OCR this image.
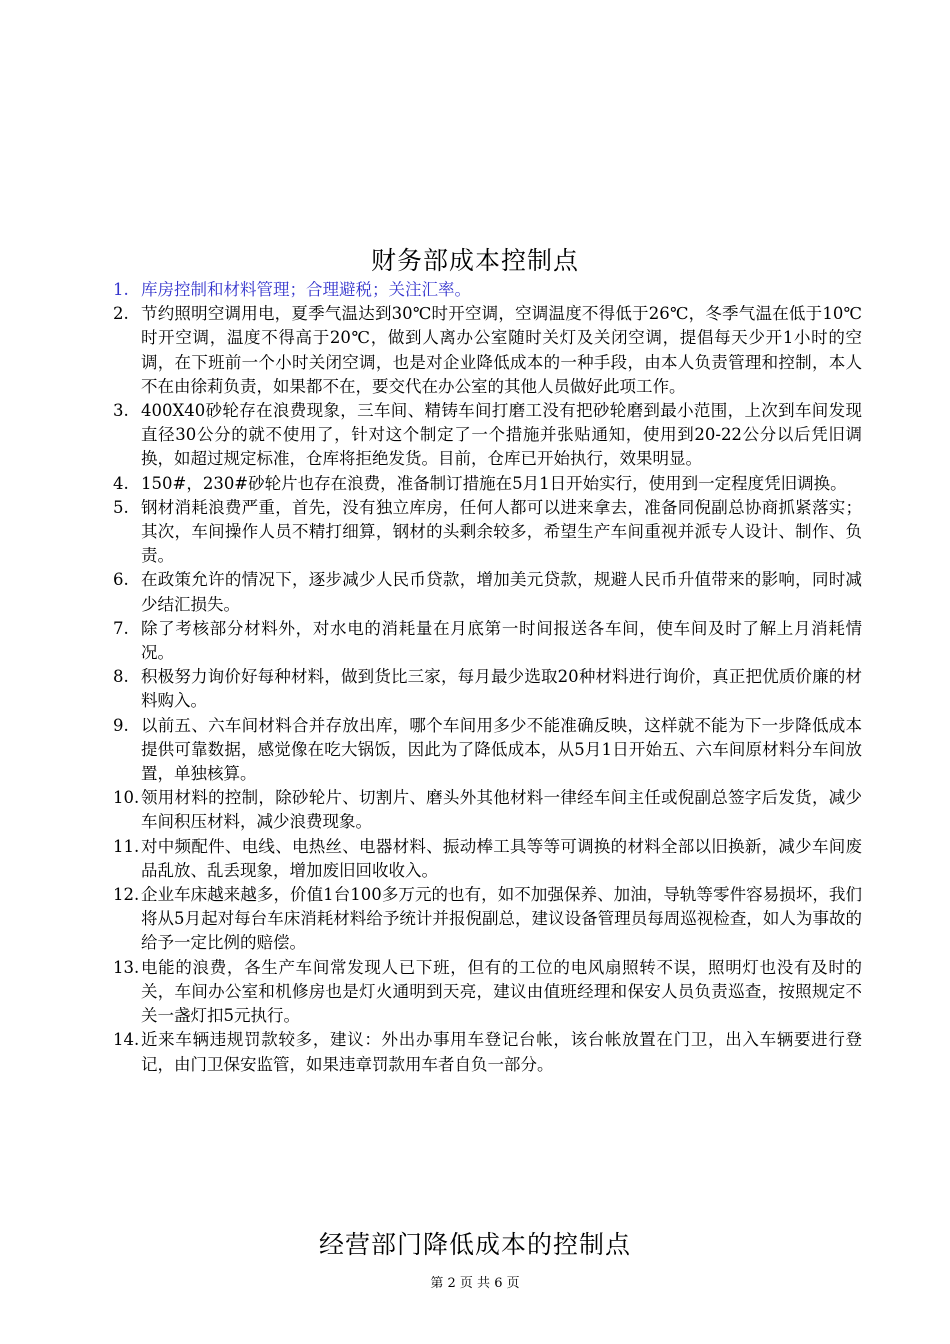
财务部成本控制点
1. 库房控制和材料管理；合理避税；关注汇率。
2. 节约照明空调用电，夏季气温达到30℃时开空调，空调温度不得低于26℃，冬季气温在低于10℃时开空调，温度不得高于20℃，做到人离办公室随时关灯及关闭空调，提倡每天少开1小时的空调，在下班前一个小时关闭空调，也是对企业降低成本的一种手段，由本人负责管理和控制，本人不在由徐莉负责，如果都不在，要交代在办公室的其他人员做好此项工作。
3. 400X40砂轮存在浪费现象，三车间、精铸车间打磨工没有把砂轮磨到最小范围，上次到车间发现直径30公分的就不使用了，针对这个制定了一个措施并张贴通知，使用到20-22公分以后凭旧调换，如超过规定标准，仓库将拒绝发货。目前，仓库已开始执行，效果明显。
4. 150#，230#砂轮片也存在浪费，准备制订措施在5月1日开始实行，使用到一定程度凭旧调换。
5. 钢材消耗浪费严重，首先，没有独立库房，任何人都可以进来拿去，准备同倪副总协商抓紧落实；其次，车间操作人员不精打细算，钢材的头剩余较多，希望生产车间重视并派专人设计、制作、负责。
6. 在政策允许的情况下，逐步减少人民币贷款，增加美元贷款，规避人民币升值带来的影响，同时减少结汇损失。
7. 除了考核部分材料外，对水电的消耗量在月底第一时间报送各车间，使车间及时了解上月消耗情况。
8. 积极努力询价好每种材料，做到货比三家，每月最少选取20种材料进行询价，真正把优质价廉的材料购入。
9. 以前五、六车间材料合并存放出库，哪个车间用多少不能准确反映，这样就不能为下一步降低成本提供可靠数据，感觉像在吃大锅饭，因此为了降低成本，从5月1日开始五、六车间原材料分车间放置，单独核算。
10. 领用材料的控制，除砂轮片、切割片、磨头外其他材料一律经车间主任或倪副总签字后发货，减少车间积压材料，减少浪费现象。
11. 对中频配件、电线、电热丝、电器材料、振动棒工具等等可调换的材料全部以旧换新，减少车间废品乱放、乱丢现象，增加废旧回收收入。
12. 企业车床越来越多，价值1台100多万元的也有，如不加强保养、加油，导轨等零件容易损坏，我们将从5月起对每台车床消耗材料给予统计并报倪副总，建议设备管理员每周巡视检查，如人为事故的给予一定比例的赔偿。
13. 电能的浪费，各生产车间常发现人已下班，但有的工位的电风扇照转不误，照明灯也没有及时的关，车间办公室和机修房也是灯火通明到天亮，建议由值班经理和保安人员负责巡查，按照规定不关一盏灯扣5元执行。
14. 近来车辆违规罚款较多，建议：外出办事用车登记台帐，该台帐放置在门卫，出入车辆要进行登记，由门卫保安监管，如果违章罚款用车者自负一部分。
经营部门降低成本的控制点
第 2 页 共 6 页
